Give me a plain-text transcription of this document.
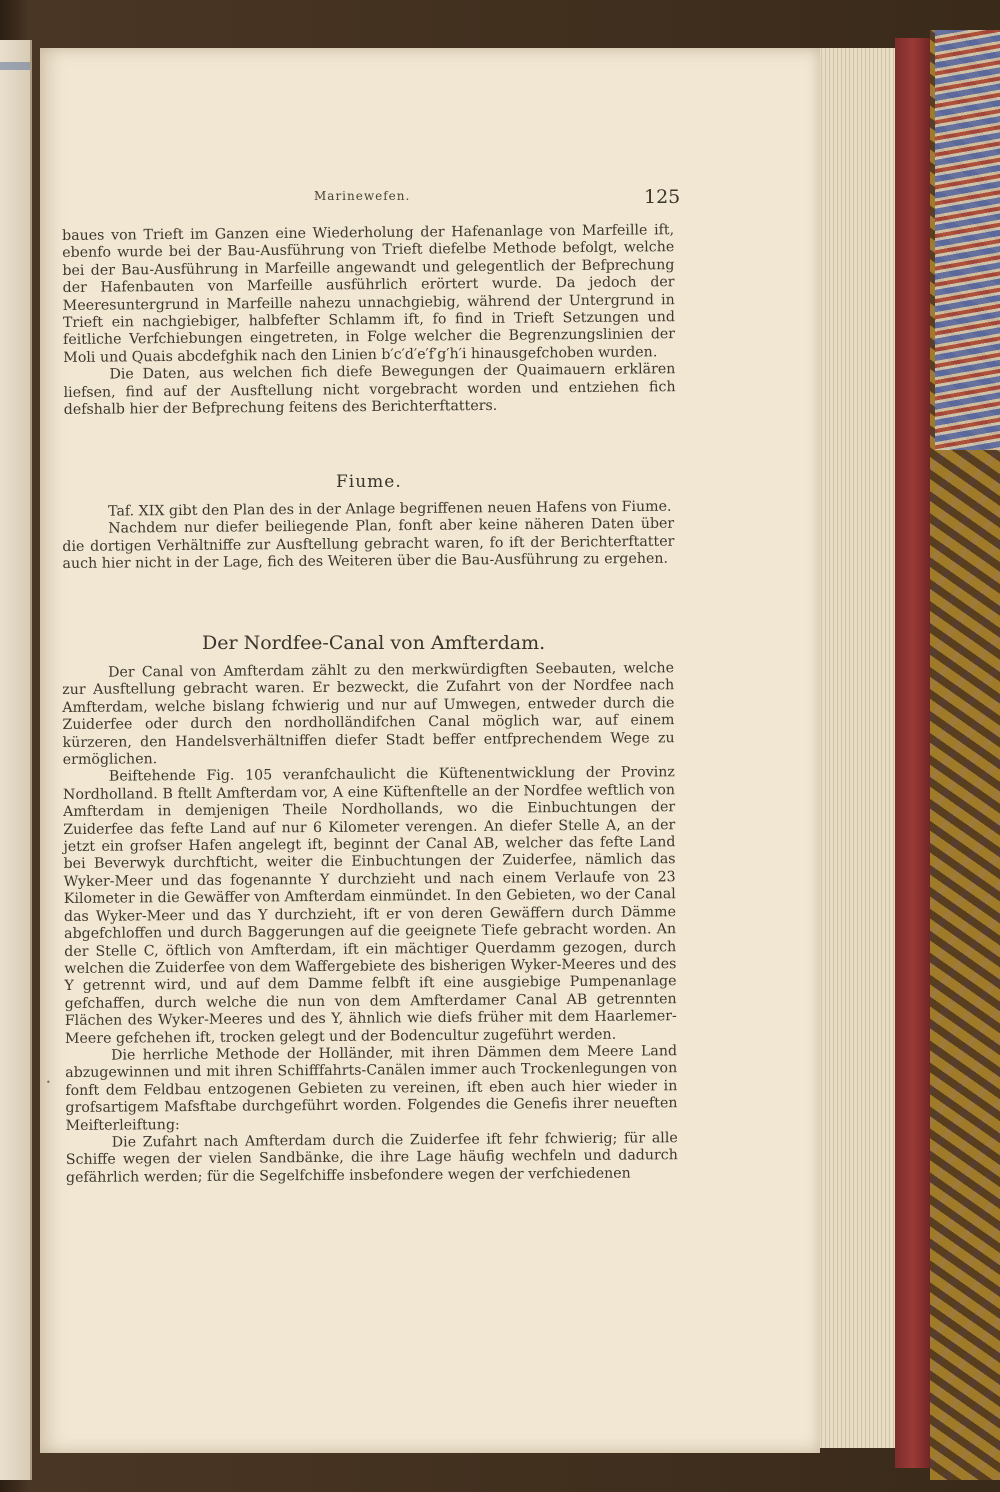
Marinewefen.	125

baues von Trieft im Ganzen eine Wiederholung der Hafenanlage von Marfeille ift, ebenfo wurde bei der Bau-Ausführung von Trieft diefelbe Methode befolgt, welche bei der Bau-Ausführung in Marfeille angewandt und gelegentlich der Befprechung der Hafenbauten von Marfeille ausführlich erörtert wurde. Da jedoch der Meeresuntergrund in Marfeille nahezu unnachgiebig, während der Untergrund in Trieft ein nachgiebiger, halbfefter Schlamm ift, fo find in Trieft Setzungen und feitliche Verfchiebungen eingetreten, in Folge welcher die Begrenzungslinien der Moli und Quais abcdefghik nach den Linien b′c′d′e′f′g′h′i hinausgefchoben wurden.

Die Daten, aus welchen fich diefe Bewegungen der Quaimauern erklären liefsen, find auf der Ausftellung nicht vorgebracht worden und entziehen fich defshalb hier der Befprechung feitens des Berichterftatters.

Fiume.

Taf. XIX gibt den Plan des in der Anlage begriffenen neuen Hafens von Fiume.

Nachdem nur diefer beiliegende Plan, fonft aber keine näheren Daten über die dortigen Verhältniffe zur Ausftellung gebracht waren, fo ift der Berichterftatter auch hier nicht in der Lage, fich des Weiteren über die Bau-Ausführung zu ergehen.

Der Nordfee-Canal von Amfterdam.

Der Canal von Amfterdam zählt zu den merkwürdigften Seebauten, welche zur Ausftellung gebracht waren. Er bezweckt, die Zufahrt von der Nordfee nach Amfterdam, welche bislang fchwierig und nur auf Umwegen, entweder durch die Zuiderfee oder durch den nordholländifchen Canal möglich war, auf einem kürzeren, den Handelsverhältniffen diefer Stadt beffer entfprechendem Wege zu ermöglichen.

Beiftehende Fig. 105 veranfchaulicht die Küftenentwicklung der Provinz Nordholland. B ftellt Amfterdam vor, A eine Küftenftelle an der Nordfee weftlich von Amfterdam in demjenigen Theile Nordhollands, wo die Einbuchtungen der Zuiderfee das fefte Land auf nur 6 Kilometer verengen. An diefer Stelle A, an der jetzt ein grofser Hafen angelegt ift, beginnt der Canal AB, welcher das fefte Land bei Beverwyk durchfticht, weiter die Einbuchtungen der Zuiderfee, nämlich das Wyker-Meer und das fogenannte Y durchzieht und nach einem Verlaufe von 23 Kilometer in die Gewäffer von Amfterdam einmündet. In den Gebieten, wo der Canal das Wyker-Meer und das Y durchzieht, ift er von deren Gewäffern durch Dämme abgefchloffen und durch Baggerungen auf die geeignete Tiefe gebracht worden. An der Stelle C, öftlich von Amfterdam, ift ein mächtiger Querdamm gezogen, durch welchen die Zuiderfee von dem Waffergebiete des bisherigen Wyker-Meeres und des Y getrennt wird, und auf dem Damme felbft ift eine ausgiebige Pumpenanlage gefchaffen, durch welche die nun von dem Amfterdamer Canal AB getrennten Flächen des Wyker-Meeres und des Y, ähnlich wie diefs früher mit dem Haarlemer-Meere gefchehen ift, trocken gelegt und der Bodencultur zugeführt werden.

Die herrliche Methode der Holländer, mit ihren Dämmen dem Meere Land abzugewinnen und mit ihren Schifffahrts-Canälen immer auch Trockenlegungen von fonft dem Feldbau entzogenen Gebieten zu vereinen, ift eben auch hier wieder in grofsartigem Mafsftabe durchgeführt worden. Folgendes die Genefis ihrer neueften Meifterleiftung:

Die Zufahrt nach Amfterdam durch die Zuiderfee ift fehr fchwierig; für alle Schiffe wegen der vielen Sandbänke, die ihre Lage häufig wechfeln und dadurch gefährlich werden; für die Segelfchiffe insbefondere wegen der verfchiedenen

•
